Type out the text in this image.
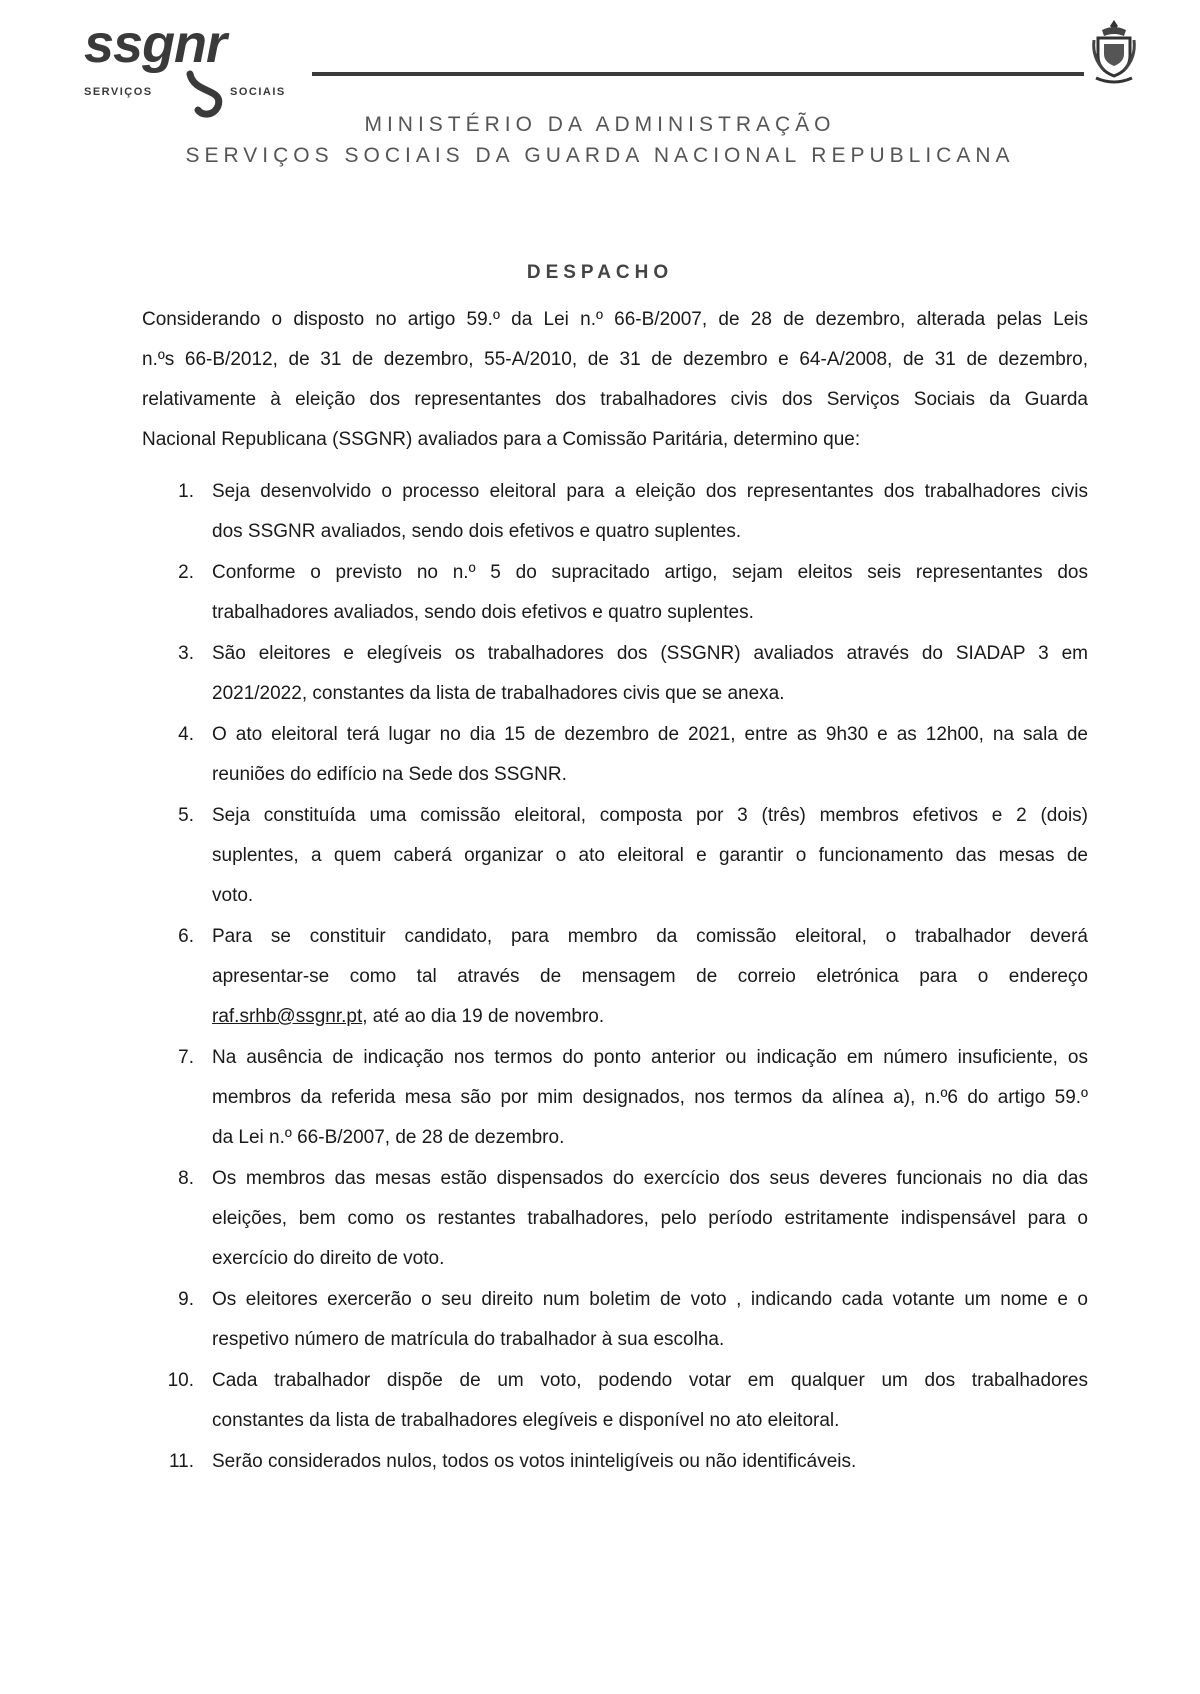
ssgnr
SERVIÇOS	SOCIAIS
MINISTÉRIO DA ADMINISTRAÇÃO
SERVIÇOS SOCIAIS DA GUARDA NACIONAL REPUBLICANA
DESPACHO
Considerando o disposto no artigo 59.º da Lei n.º 66-B/2007, de 28 de dezembro, alterada pelas Leis
n.ºs 66-B/2012, de 31 de dezembro, 55-A/2010, de 31 de dezembro e 64-A/2008, de 31 de dezembro,
relativamente à eleição dos representantes dos trabalhadores civis dos Serviços Sociais da Guarda
Nacional Republicana (SSGNR) avaliados para a Comissão Paritária, determino que:
1. Seja desenvolvido o processo eleitoral para a eleição dos representantes dos trabalhadores civis
dos SSGNR avaliados, sendo dois efetivos e quatro suplentes.
2. Conforme o previsto no n.º 5 do supracitado artigo, sejam eleitos seis representantes dos
trabalhadores avaliados, sendo dois efetivos e quatro suplentes.
3. São eleitores e elegíveis os trabalhadores dos (SSGNR) avaliados através do SIADAP 3 em
2021/2022, constantes da lista de trabalhadores civis que se anexa.
4. O ato eleitoral terá lugar no dia 15 de dezembro de 2021, entre as 9h30 e as 12h00, na sala de
reuniões do edifício na Sede dos SSGNR.
5. Seja constituída uma comissão eleitoral, composta por 3 (três) membros efetivos e 2 (dois)
suplentes, a quem caberá organizar o ato eleitoral e garantir o funcionamento das mesas de
voto.
6. Para se constituir candidato, para membro da comissão eleitoral, o trabalhador deverá
apresentar-se como tal através de mensagem de correio eletrónica para o endereço
raf.srhb@ssgnr.pt, até ao dia 19 de novembro.
7. Na ausência de indicação nos termos do ponto anterior ou indicação em número insuficiente, os
membros da referida mesa são por mim designados, nos termos da alínea a), n.º6 do artigo 59.º
da Lei n.º 66-B/2007, de 28 de dezembro.
8. Os membros das mesas estão dispensados do exercício dos seus deveres funcionais no dia das
eleições, bem como os restantes trabalhadores, pelo período estritamente indispensável para o
exercício do direito de voto.
9. Os eleitores exercerão o seu direito num boletim de voto , indicando cada votante um nome e o
respetivo número de matrícula do trabalhador à sua escolha.
10. Cada trabalhador dispõe de um voto, podendo votar em qualquer um dos trabalhadores
constantes da lista de trabalhadores elegíveis e disponível no ato eleitoral.
11. Serão considerados nulos, todos os votos ininteligíveis ou não identificáveis.
